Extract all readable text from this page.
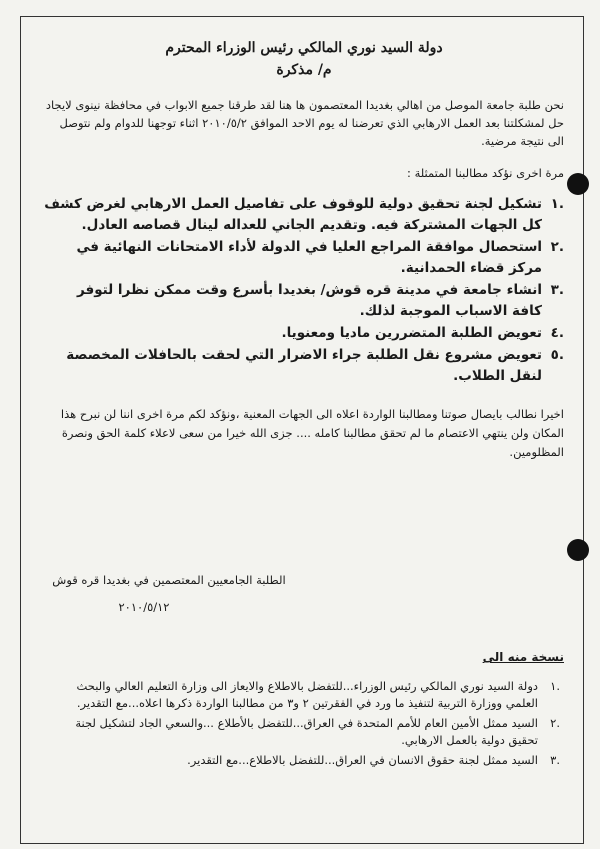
دولة السيد نوري المالكي رئيس الوزراء المحترم
م/ مذكرة
نحن طلبة جامعة الموصل من اهالي بغديدا المعتصمون ها هنا لقد طرقنا جميع الابواب في محافظة نينوى لايجاد حل لمشكلتنا بعد العمل الارهابي الذي تعرضنا له يوم الاحد الموافق ٢٠١٠/٥/٢ اثناء توجهنا للدوام ولم نتوصل الى نتيجة مرضية.
مرة اخرى نؤكد مطالبنا المتمثلة :
.١
تشكيل لجنة تحقيق دولية للوقوف على تفاصيل العمل الارهابي لغرض كشف كل الجهات المشتركة فيه. وتقديم الجاني للعداله لينال قصاصه العادل.
.٢
استحصال موافقة المراجع العليا في الدولة لأداء الامتحانات النهائية في مركز قضاء الحمدانية.
.٣
انشاء جامعة في مدينة قره قوش/ بغديدا بأسرع وقت ممكن نظرا لتوفر كافة الاسباب الموجبة لذلك.
.٤
تعويض الطلبة المتضررين ماديا ومعنويا.
.٥
تعويض مشروع نقل الطلبة جراء الاضرار التي لحقت بالحافلات المخصصة لنقل الطلاب.
اخيرا نطالب بايصال صوتنا ومطالبنا الواردة اعلاه الى الجهات المعنية ،ونؤكد لكم مرة اخرى اننا لن نبرح هذا المكان ولن ينتهي الاعتصام ما لم تحقق مطالبنا كامله .... جزى الله خيرا من سعى لاعلاء كلمة الحق ونصرة المظلومين.
الطلبة الجامعيين المعتصمين في بغديدا قره قوش
٢٠١٠/٥/١٢
نسخة منه الى
.١
دولة السيد نوري المالكي رئيس الوزراء...للتفضل بالاطلاع والايعاز الى وزارة التعليم العالي والبحث العلمي ووزارة التربية لتنفيذ ما ورد في الفقرتين ٢ و٣ من مطالبنا الواردة ذكرها اعلاه...مع التقدير.
.٢
السيد ممثل الأمين العام للأمم المتحدة في العراق...للتفضل بالأطلاع ...والسعي الجاد لتشكيل لجنة تحقيق دولية بالعمل الارهابي.
.٣
السيد ممثل لجنة حقوق الانسان في العراق...للتفضل بالاطلاع...مع التقدير.
